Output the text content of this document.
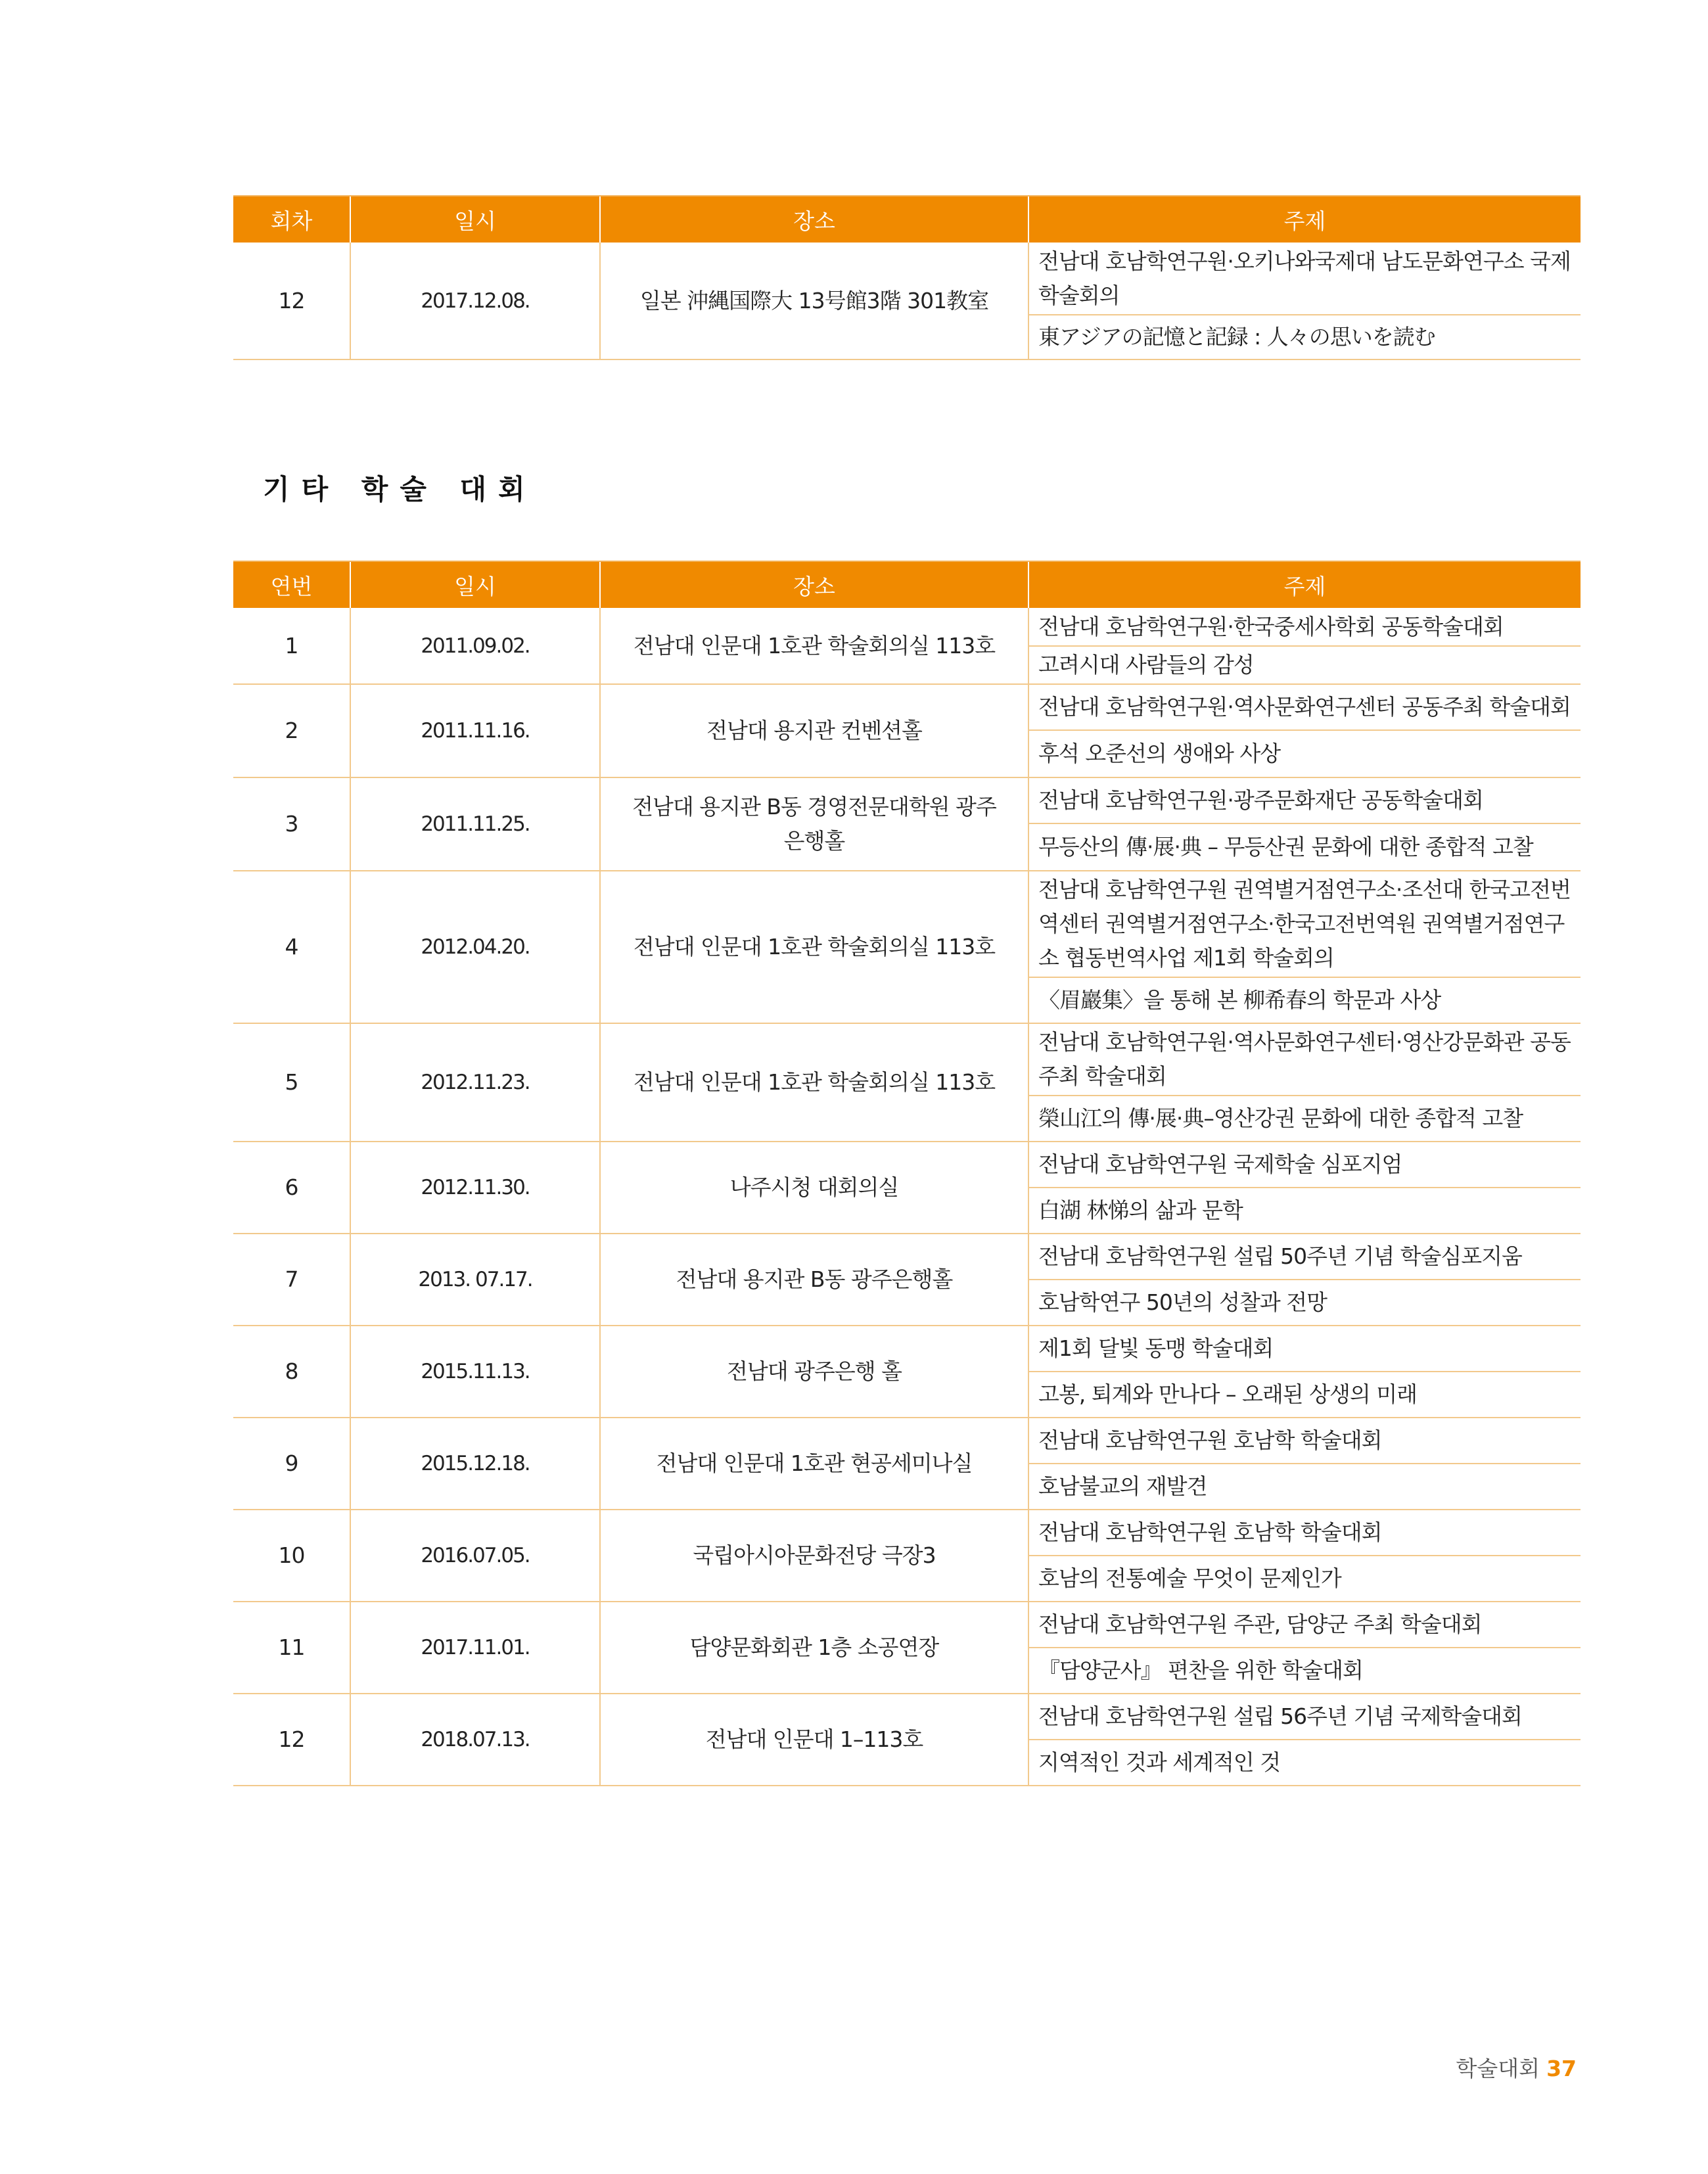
회차	일시	장소	주제
12	2017.12.08.	일본 沖縄国際大 13号館3階 301教室	전남대 호남학연구원·오키나와국제대 남도문화연구소 국제학술회의
			東アジアの記憶と記録 : 人々の思いを読む
기타 학술 대회
연번	일시	장소	주제
1	2011.09.02.	전남대 인문대 1호관 학술회의실 113호	전남대 호남학연구원·한국중세사학회 공동학술대회
			고려시대 사람들의 감성
2	2011.11.16.	전남대 용지관 컨벤션홀	전남대 호남학연구원·역사문화연구센터 공동주최 학술대회
			후석 오준선의 생애와 사상
3	2011.11.25.	전남대 용지관 B동 경영전문대학원 광주은행홀	전남대 호남학연구원·광주문화재단 공동학술대회
			무등산의 傳·展·典 – 무등산권 문화에 대한 종합적 고찰
4	2012.04.20.	전남대 인문대 1호관 학술회의실 113호	전남대 호남학연구원 권역별거점연구소·조선대 한국고전번역센터 권역별거점연구소·한국고전번역원 권역별거점연구소 협동번역사업 제1회 학술회의
			〈眉巖集〉을 통해 본 柳希春의 학문과 사상
5	2012.11.23.	전남대 인문대 1호관 학술회의실 113호	전남대 호남학연구원·역사문화연구센터·영산강문화관 공동주최 학술대회
			榮山江의 傳·展·典–영산강권 문화에 대한 종합적 고찰
6	2012.11.30.	나주시청 대회의실	전남대 호남학연구원 국제학술 심포지엄
			白湖 林悌의 삶과 문학
7	2013. 07.17.	전남대 용지관 B동 광주은행홀	전남대 호남학연구원 설립 50주년 기념 학술심포지움
			호남학연구 50년의 성찰과 전망
8	2015.11.13.	전남대 광주은행 홀	제1회 달빛 동맹 학술대회
			고봉, 퇴계와 만나다 – 오래된 상생의 미래
9	2015.12.18.	전남대 인문대 1호관 현공세미나실	전남대 호남학연구원 호남학 학술대회
			호남불교의 재발견
10	2016.07.05.	국립아시아문화전당 극장3	전남대 호남학연구원 호남학 학술대회
			호남의 전통예술 무엇이 문제인가
11	2017.11.01.	담양문화회관 1층 소공연장	전남대 호남학연구원 주관, 담양군 주최 학술대회
			『담양군사』 편찬을 위한 학술대회
12	2018.07.13.	전남대 인문대 1–113호	전남대 호남학연구원 설립 56주년 기념 국제학술대회
			지역적인 것과 세계적인 것
학술대회 37
